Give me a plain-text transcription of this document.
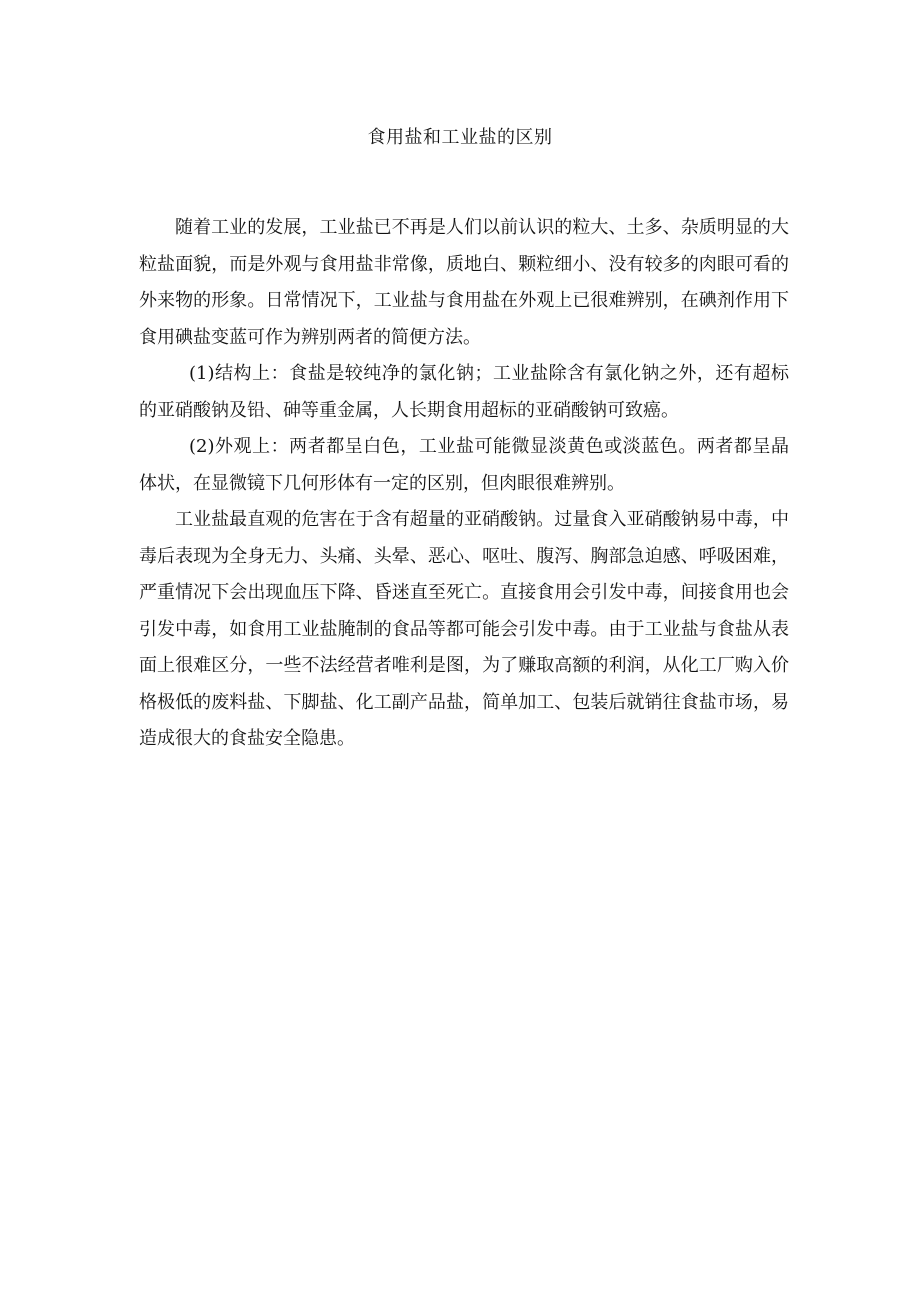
食用盐和工业盐的区别

随着工业的发展，工业盐已不再是人们以前认识的粒大、土多、杂质明显的大粒盐面貌，而是外观与食用盐非常像，质地白、颗粒细小、没有较多的肉眼可看的外来物的形象。日常情况下，工业盐与食用盐在外观上已很难辨别，在碘剂作用下食用碘盐变蓝可作为辨别两者的简便方法。

(1)结构上：食盐是较纯净的氯化钠；工业盐除含有氯化钠之外，还有超标的亚硝酸钠及铅、砷等重金属，人长期食用超标的亚硝酸钠可致癌。

(2)外观上：两者都呈白色，工业盐可能微显淡黄色或淡蓝色。两者都呈晶体状，在显微镜下几何形体有一定的区别，但肉眼很难辨别。

工业盐最直观的危害在于含有超量的亚硝酸钠。过量食入亚硝酸钠易中毒，中毒后表现为全身无力、头痛、头晕、恶心、呕吐、腹泻、胸部急迫感、呼吸困难，严重情况下会出现血压下降、昏迷直至死亡。直接食用会引发中毒，间接食用也会引发中毒，如食用工业盐腌制的食品等都可能会引发中毒。由于工业盐与食盐从表面上很难区分，一些不法经营者唯利是图，为了赚取高额的利润，从化工厂购入价格极低的废料盐、下脚盐、化工副产品盐，简单加工、包装后就销往食盐市场，易造成很大的食盐安全隐患。
